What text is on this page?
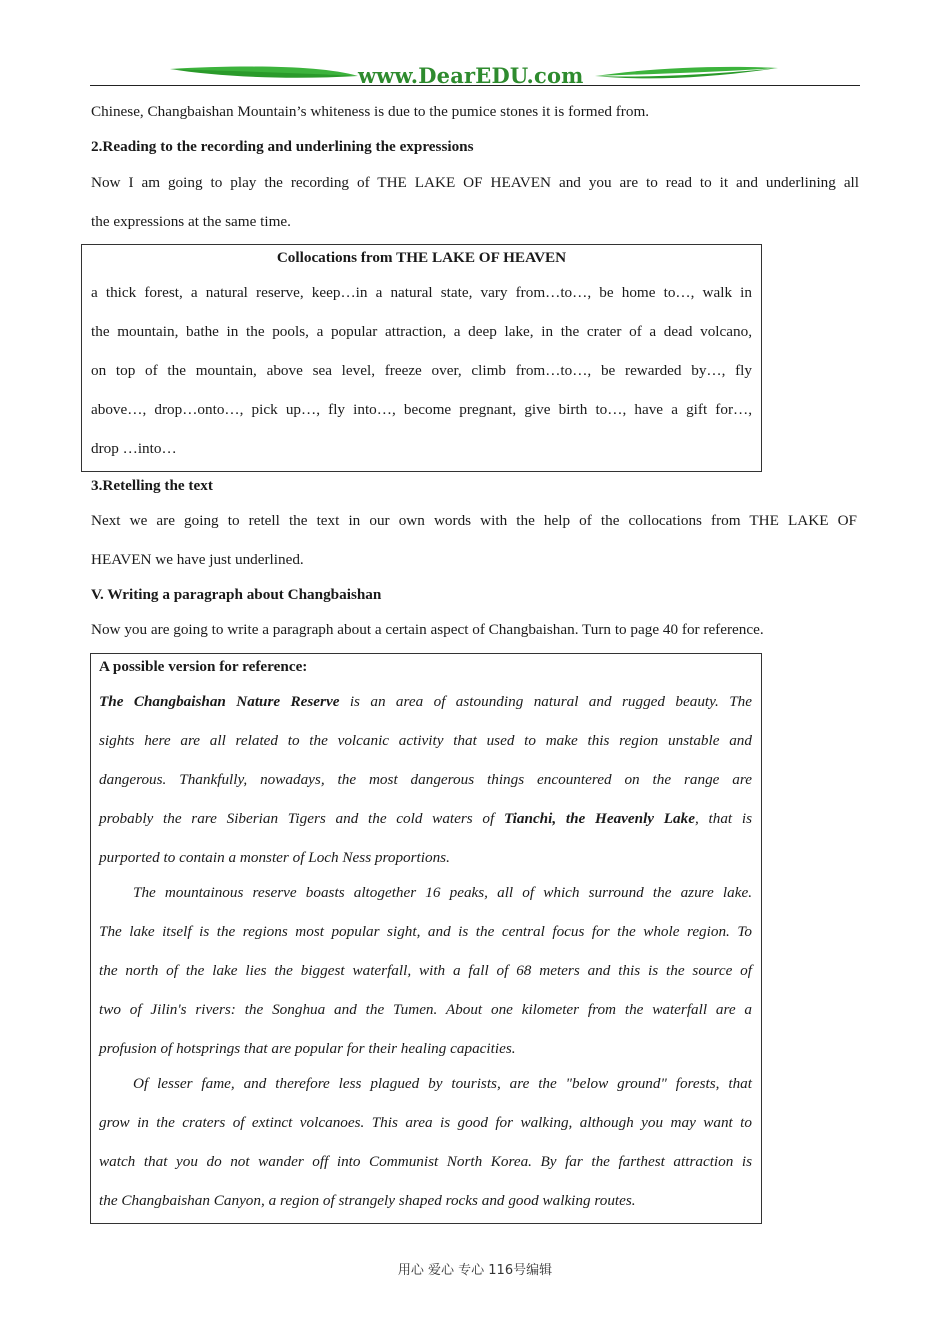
www.DearEDU.com

Chinese, Changbaishan Mountain’s whiteness is due to the pumice stones it is formed from.

2.Reading to the recording and underlining the expressions

Now I am going to play the recording of THE LAKE OF HEAVEN and you are to read to it and underlining all

the expressions at the same time.

Collocations from THE LAKE OF HEAVEN

a thick forest, a natural reserve, keep…in a natural state, vary from…to…, be home to…, walk in

the mountain, bathe in the pools, a popular attraction, a deep lake, in the crater of a dead volcano,

on top of the mountain, above sea level, freeze over, climb from…to…, be rewarded by…, fly

above…, drop…onto…, pick up…, fly into…, become pregnant, give birth to…, have a gift for…,

drop …into…

3.Retelling the text

Next we are going to retell the text in our own words with the help of the collocations from THE LAKE OF

HEAVEN we have just underlined.

V. Writing a paragraph about Changbaishan

Now you are going to write a paragraph about a certain aspect of Changbaishan. Turn to page 40 for reference.

A possible version for reference:

The Changbaishan Nature Reserve is an area of astounding natural and rugged beauty. The

sights here are all related to the volcanic activity that used to make this region unstable and

dangerous. Thankfully, nowadays, the most dangerous things encountered on the range are

probably the rare Siberian Tigers and the cold waters of Tianchi, the Heavenly Lake, that is

purported to contain a monster of Loch Ness proportions.

The mountainous reserve boasts altogether 16 peaks, all of which surround the azure lake.

The lake itself is the regions most popular sight, and is the central focus for the whole region. To

the north of the lake lies the biggest waterfall, with a fall of 68 meters and this is the source of

two of Jilin's rivers: the Songhua and the Tumen. About one kilometer from the waterfall are a

profusion of hotsprings that are popular for their healing capacities.

Of lesser fame, and therefore less plagued by tourists, are the "below ground" forests, that

grow in the craters of extinct volcanoes. This area is good for walking, although you may want to

watch that you do not wander off into Communist North Korea. By far the farthest attraction is

the Changbaishan Canyon, a region of strangely shaped rocks and good walking routes.

用心 爱心 专心 116号编辑
